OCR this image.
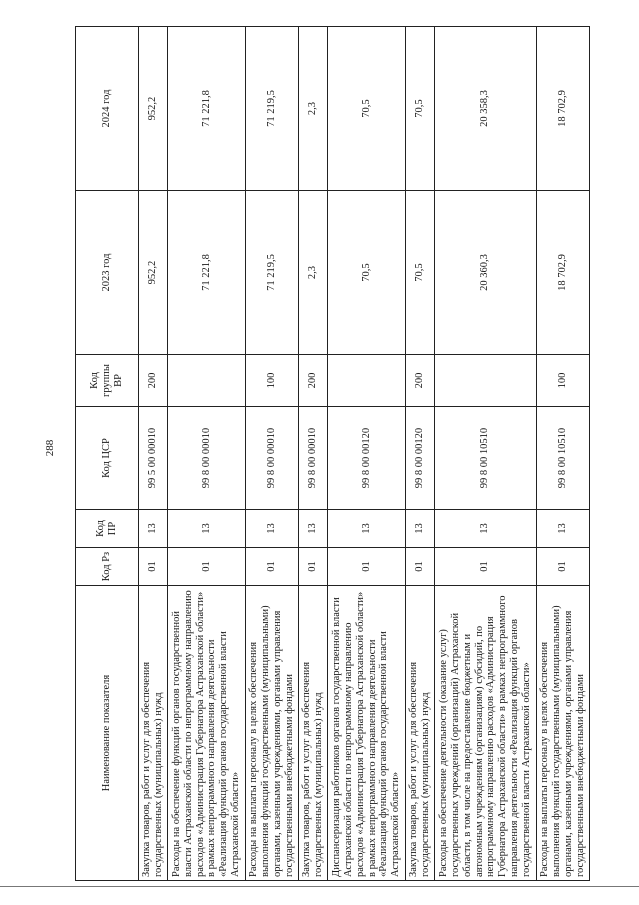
288
Наименование показателя	Код Рз	Код ПР	Код ЦСР	Код группы ВР	2023 год	2024 год
Закупка товаров, работ и услуг для обеспечения государственных (муниципальных) нужд	01	13	99 5 00 00010	200	952,2	952,2
Расходы на обеспечение функций органов государственной власти Астраханской области по непрограммному направлению расходов «Администрация Губернатора Астраханской области» в рамках непрограммного направления деятельности «Реализация функций органов государственной власти Астраханской области»	01	13	99 8 00 00010		71 221,8	71 221,8
Расходы на выплаты персоналу в целях обеспечения выполнения функций государственными (муниципальными) органами, казенными учреждениями, органами управления государственными внебюджетными фондами	01	13	99 8 00 00010	100	71 219,5	71 219,5
Закупка товаров, работ и услуг для обеспечения государственных (муниципальных) нужд	01	13	99 8 00 00010	200	2,3	2,3
Диспансеризация работников органов государственной власти Астраханской области по непрограммному направлению расходов «Администрация Губернатора Астраханской области» в рамках непрограммного направления деятельности «Реализация функций органов государственной власти Астраханской области»	01	13	99 8 00 00120		70,5	70,5
Закупка товаров, работ и услуг для обеспечения государственных (муниципальных) нужд	01	13	99 8 00 00120	200	70,5	70,5
Расходы на обеспечение деятельности (оказание услуг) государственных учреждений (организаций) Астраханской области, в том числе на предоставление бюджетным и автономным учреждениям (организациям) субсидий, по непрограммному направлению расходов «Администрация Губернатора Астраханской области» в рамках непрограммного направления деятельности «Реализация функций органов государственной власти Астраханской области»	01	13	99 8 00 10510		20 360,3	20 358,3
Расходы на выплаты персоналу в целях обеспечения выполнения функций государственными (муниципальными) органами, казенными учреждениями, органами управления государственными внебюджетными фондами	01	13	99 8 00 10510	100	18 702,9	18 702,9
